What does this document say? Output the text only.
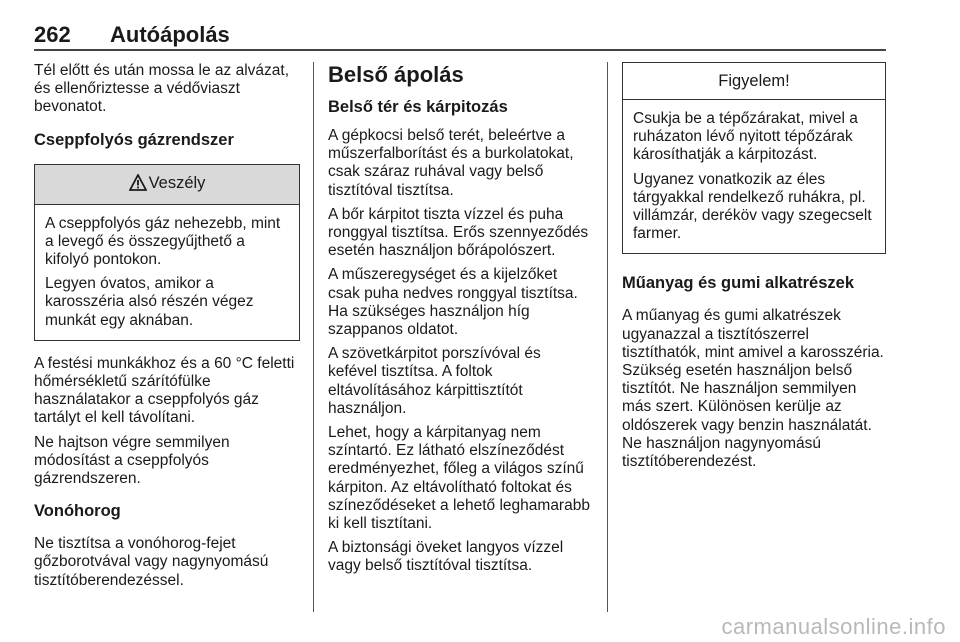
262 Autóápolás

Tél előtt és után mossa le az alvázat, és ellenőriztesse a védőviaszt bevonatot.

Cseppfolyós gázrendszer
Veszély

A cseppfolyós gáz nehezebb, mint a levegő és összegyűjthető a kifolyó pontokon.

Legyen óvatos, amikor a karosszéria alsó részén végez munkát egy aknában.

A festési munkákhoz és a 60 °C feletti hőmérsékletű szárítófülke használatakor a cseppfolyós gáz tartályt el kell távolítani.

Ne hajtson végre semmilyen módosítást a cseppfolyós gázrendszeren.

Vonóhorog

Ne tisztítsa a vonóhorog-fejet gőzborotvával vagy nagynyomású tisztítóberendezéssel.

Belső ápolás
Belső tér és kárpitozás

A gépkocsi belső terét, beleértve a műszerfalborítást és a burkolatokat, csak száraz ruhával vagy belső tisztítóval tisztítsa.

A bőr kárpitot tiszta vízzel és puha ronggyal tisztítsa. Erős szennyeződés esetén használjon bőrápolószert.

A műszeregységet és a kijelzőket csak puha nedves ronggyal tisztítsa. Ha szükséges használjon híg szappanos oldatot.

A szövetkárpitot porszívóval és kefével tisztítsa. A foltok eltávolításához kárpittisztítót használjon.

Lehet, hogy a kárpitanyag nem színtartó. Ez látható elszíneződést eredményezhet, főleg a világos színű kárpiton. Az eltávolítható foltokat és színeződéseket a lehető leghamarabb ki kell tisztítani.

A biztonsági öveket langyos vízzel vagy belső tisztítóval tisztítsa.

Figyelem!

Csukja be a tépőzárakat, mivel a ruházaton lévő nyitott tépőzárak károsíthatják a kárpitozást.

Ugyanez vonatkozik az éles tárgyakkal rendelkező ruhákra, pl. villámzár, deréköv vagy szegecselt farmer.

Műanyag és gumi alkatrészek

A műanyag és gumi alkatrészek ugyanazzal a tisztítószerrel tisztíthatók, mint amivel a karosszéria. Szükség esetén használjon belső tisztítót. Ne használjon semmilyen más szert. Különösen kerülje az oldószerek vagy benzin használatát. Ne használjon nagynyomású tisztítóberendezést.

carmanualsonline.info
